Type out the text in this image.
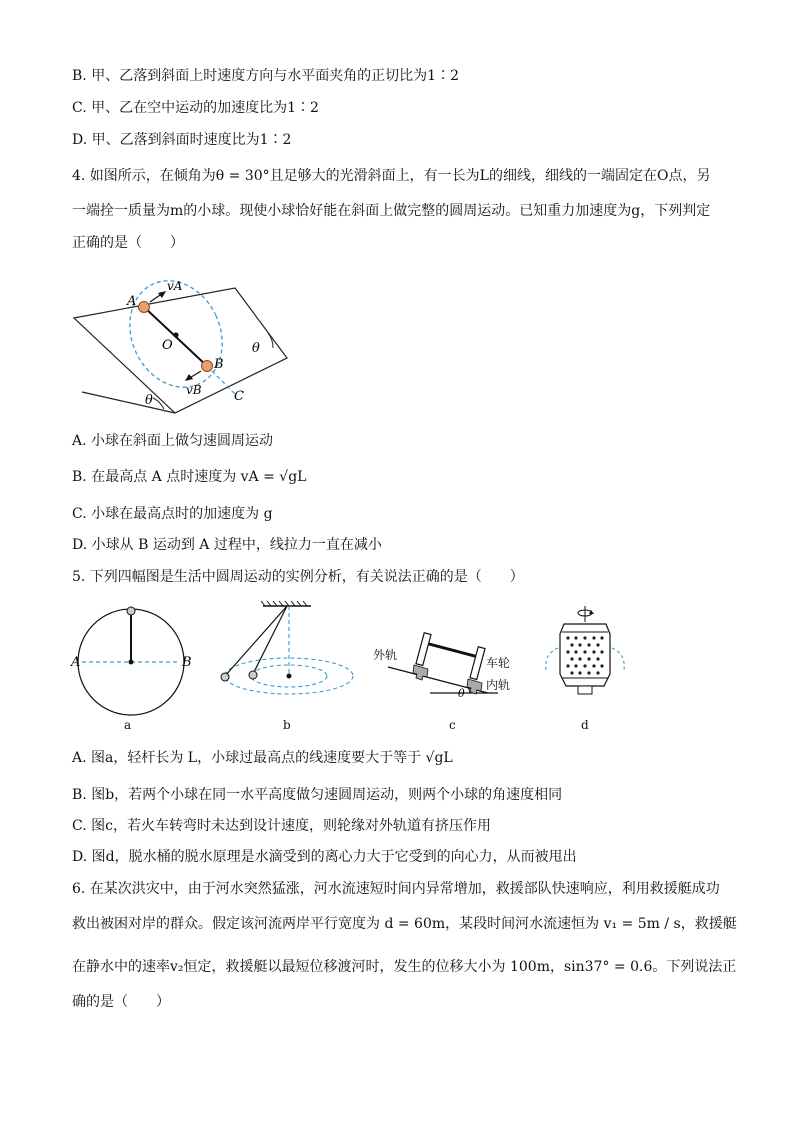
B. 甲、乙落到斜面上时速度方向与水平面夹角的正切比为1∶2
C. 甲、乙在空中运动的加速度比为1∶2
D. 甲、乙落到斜面时速度比为1∶2
4. 如图所示，在倾角为θ = 30°且足够大的光滑斜面上，有一长为L的细线，细线的一端固定在O点，另
一端拴一质量为m的小球。现使小球恰好能在斜面上做完整的圆周运动。已知重力加速度为g，下列判定
正确的是（　　）
A
B
O
C
vA
vB
θ
θ
A. 小球在斜面上做匀速圆周运动
B. 在最高点 A 点时速度为 vA = √gL
C. 小球在最高点时的加速度为 g
D. 小球从 B 运动到 A 过程中，线拉力一直在减小
5. 下列四幅图是生活中圆周运动的实例分析，有关说法正确的是（　　）
A	B
θ
外轨
车轮
内轨
a	b	c	d
A. 图a，轻杆长为 L，小球过最高点的线速度要大于等于 √gL
B. 图b，若两个小球在同一水平高度做匀速圆周运动，则两个小球的角速度相同
C. 图c，若火车转弯时未达到设计速度，则轮缘对外轨道有挤压作用
D. 图d，脱水桶的脱水原理是水滴受到的离心力大于它受到的向心力，从而被甩出
6. 在某次洪灾中，由于河水突然猛涨，河水流速短时间内异常增加，救援部队快速响应，利用救援艇成功
救出被困对岸的群众。假定该河流两岸平行宽度为 d = 60m，某段时间河水流速恒为 v₁ = 5m / s，救援艇
在静水中的速率v₂恒定，救援艇以最短位移渡河时，发生的位移大小为 100m，sin37° = 0.6。下列说法正
确的是（　　）
